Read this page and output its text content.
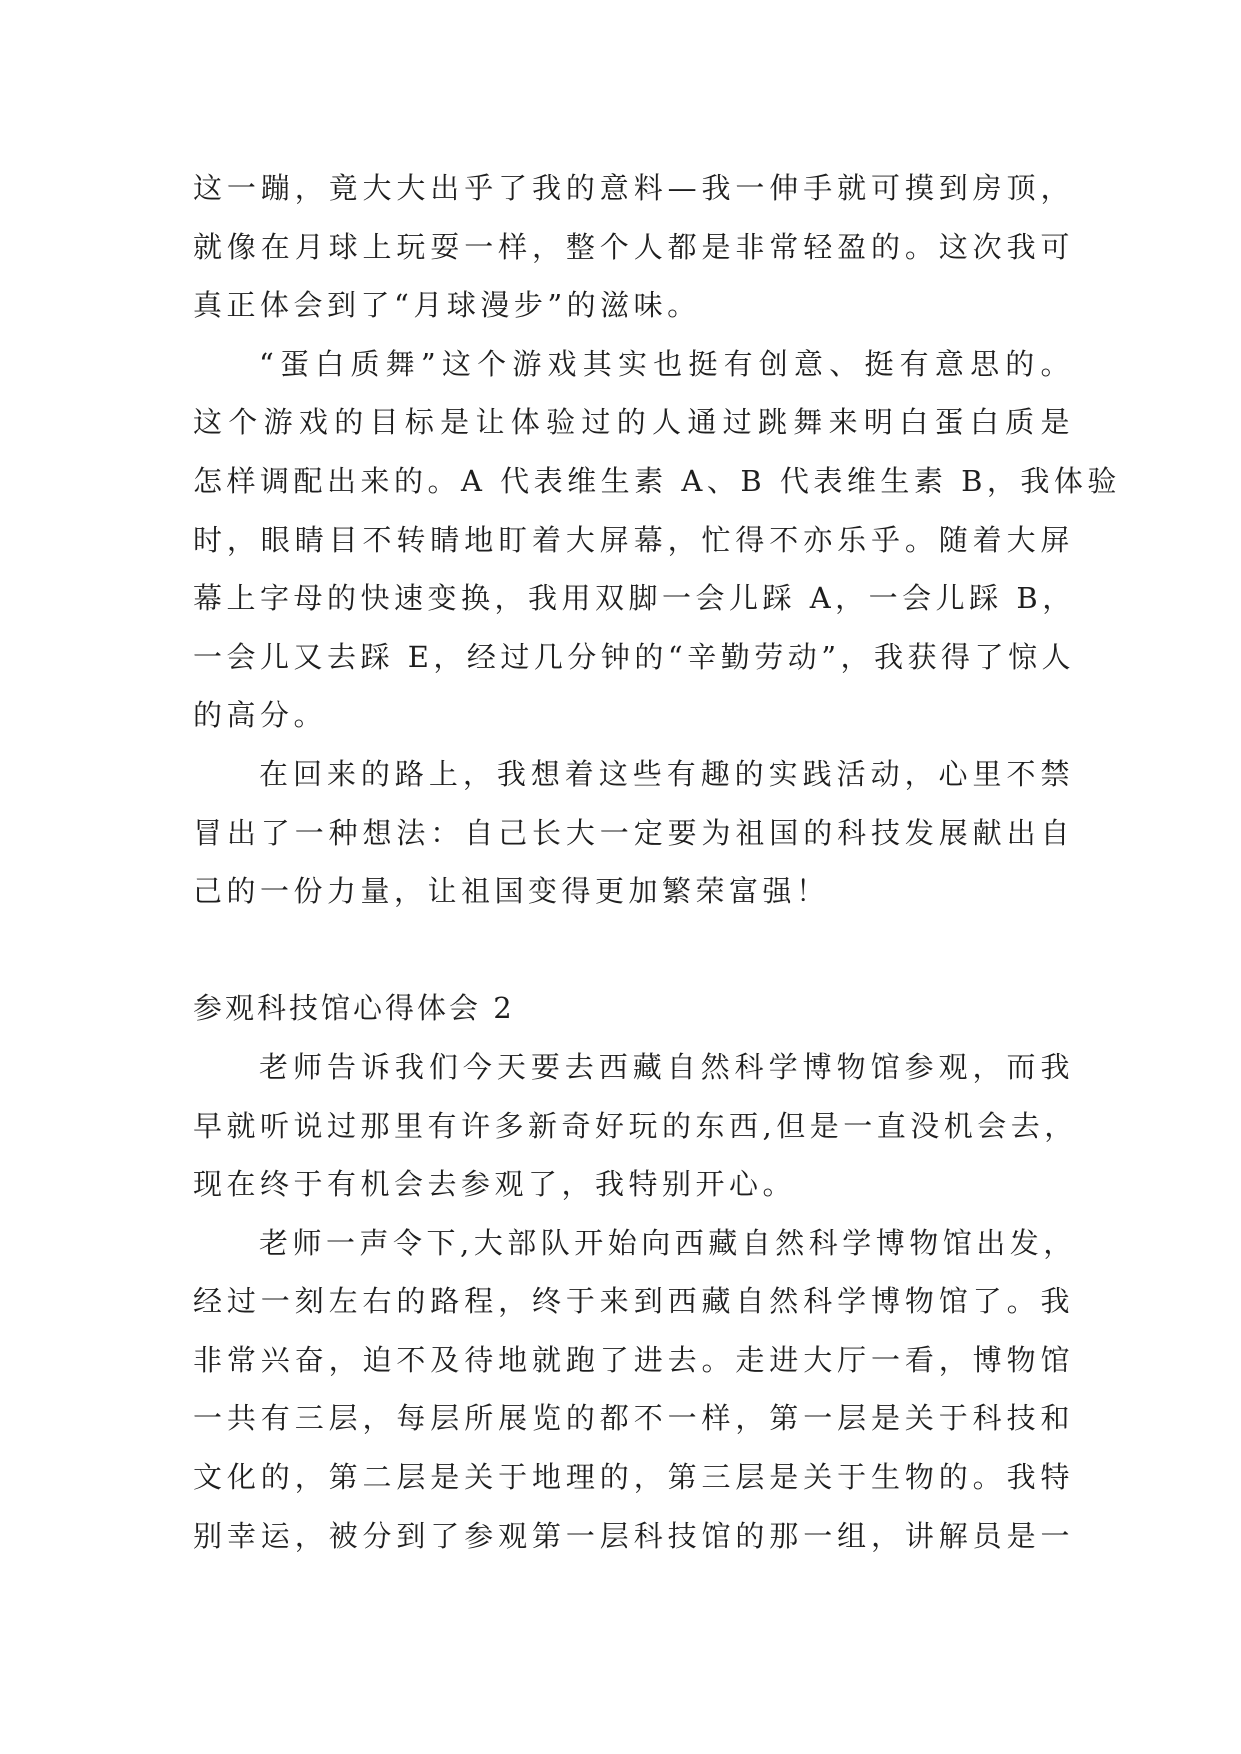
这一蹦，竟大大出乎了我的意料—我一伸手就可摸到房顶，
就像在月球上玩耍一样，整个人都是非常轻盈的。这次我可
真正体会到了“月球漫步”的滋味。
“蛋白质舞”这个游戏其实也挺有创意、挺有意思的。
这个游戏的目标是让体验过的人通过跳舞来明白蛋白质是
怎样调配出来的。A 代表维生素 A、B 代表维生素 B，我体验
时，眼睛目不转睛地盯着大屏幕，忙得不亦乐乎。随着大屏
幕上字母的快速变换，我用双脚一会儿踩 A，一会儿踩 B，
一会儿又去踩 E，经过几分钟的“辛勤劳动”，我获得了惊人
的高分。
在回来的路上，我想着这些有趣的实践活动，心里不禁
冒出了一种想法：自己长大一定要为祖国的科技发展献出自
己的一份力量，让祖国变得更加繁荣富强！
参观科技馆心得体会 2
老师告诉我们今天要去西藏自然科学博物馆参观，而我
早就听说过那里有许多新奇好玩的东西,但是一直没机会去，
现在终于有机会去参观了，我特别开心。
老师一声令下,大部队开始向西藏自然科学博物馆出发，
经过一刻左右的路程，终于来到西藏自然科学博物馆了。我
非常兴奋，迫不及待地就跑了进去。走进大厅一看，博物馆
一共有三层，每层所展览的都不一样，第一层是关于科技和
文化的，第二层是关于地理的，第三层是关于生物的。我特
别幸运，被分到了参观第一层科技馆的那一组，讲解员是一
